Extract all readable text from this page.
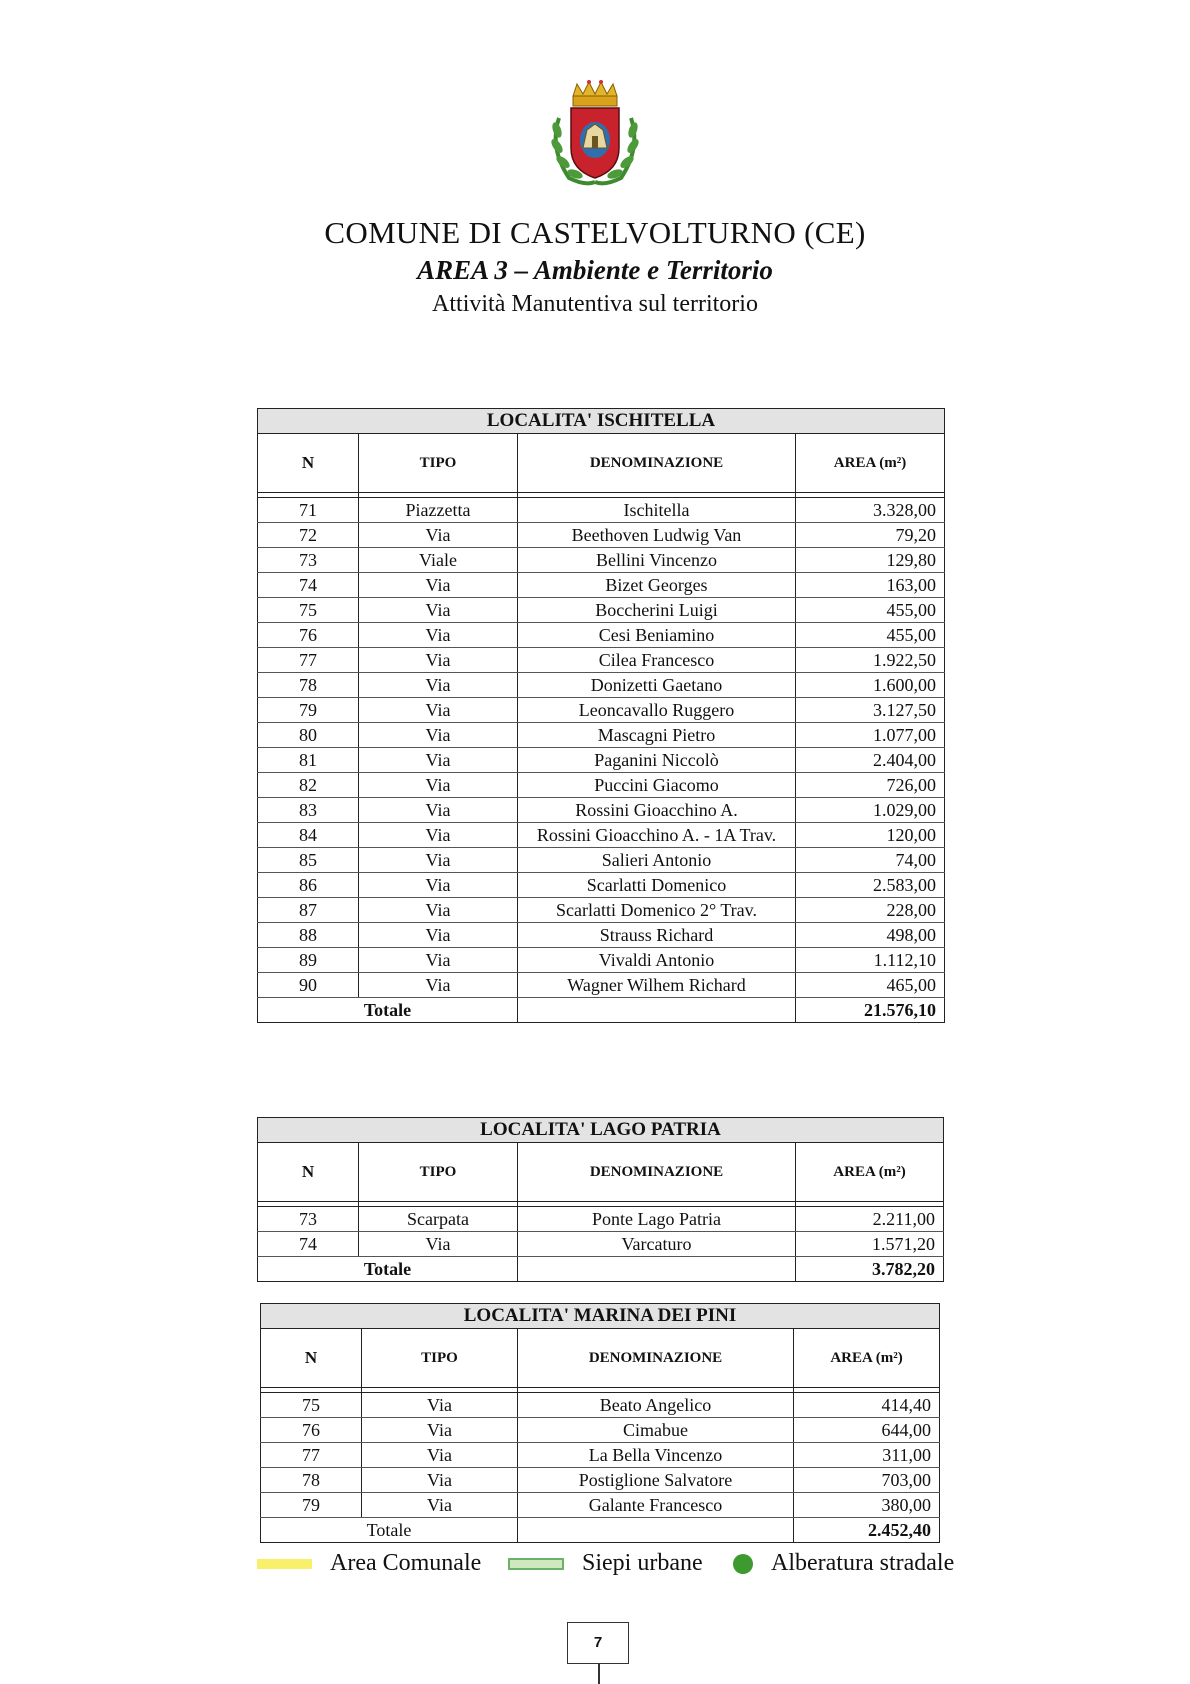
COMUNE DI CASTELVOLTURNO (CE)
AREA 3 – Ambiente e Territorio
Attività Manutentiva sul territorio
LOCALITA' ISCHITELLA			
N	TIPO	DENOMINAZIONE	AREA (m²)

71	Piazzetta	Ischitella	3.328,00
72	Via	Beethoven Ludwig Van	79,20
73	Viale	Bellini Vincenzo	129,80
74	Via	Bizet Georges	163,00
75	Via	Boccherini Luigi	455,00
76	Via	Cesi Beniamino	455,00
77	Via	Cilea Francesco	1.922,50
78	Via	Donizetti Gaetano	1.600,00
79	Via	Leoncavallo Ruggero	3.127,50
80	Via	Mascagni Pietro	1.077,00
81	Via	Paganini Niccolò	2.404,00
82	Via	Puccini Giacomo	726,00
83	Via	Rossini Gioacchino A.	1.029,00
84	Via	Rossini Gioacchino A. - 1A Trav.	120,00
85	Via	Salieri Antonio	74,00
86	Via	Scarlatti Domenico	2.583,00
87	Via	Scarlatti Domenico 2° Trav.	228,00
88	Via	Strauss Richard	498,00
89	Via	Vivaldi Antonio	1.112,10
90	Via	Wagner Wilhem Richard	465,00
Totale			21.576,10
LOCALITA' LAGO PATRIA			
N	TIPO	DENOMINAZIONE	AREA (m²)

73	Scarpata	Ponte Lago Patria	2.211,00
74	Via	Varcaturo	1.571,20
Totale			3.782,20
LOCALITA' MARINA DEI PINI			
N	TIPO	DENOMINAZIONE	AREA (m²)

75	Via	Beato Angelico	414,40
76	Via	Cimabue	644,00
77	Via	La Bella Vincenzo	311,00
78	Via	Postiglione Salvatore	703,00
79	Via	Galante Francesco	380,00
Totale			2.452,40
Area Comunale	Siepi urbane	Alberatura stradale
7
